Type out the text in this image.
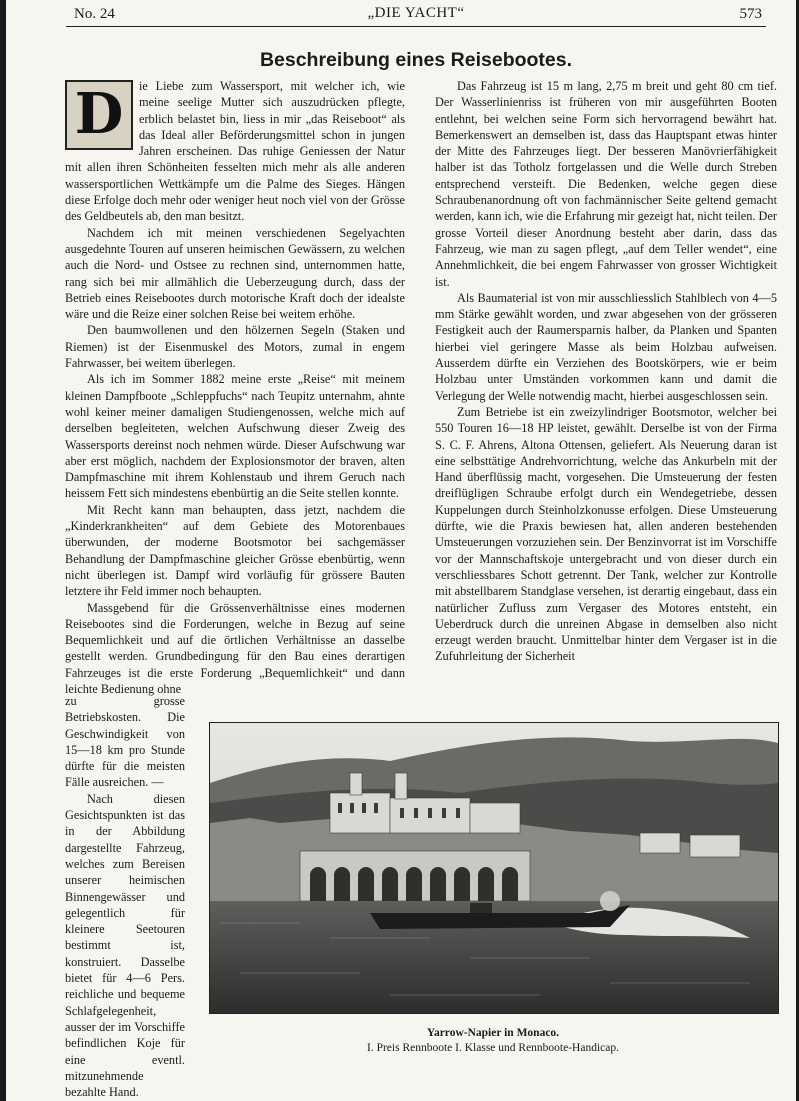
No. 24	„DIE YACHT“	573
Beschreibung eines Reisebootes.

D	ie Liebe zum Wassersport, mit welcher ich, wie meine seelige Mutter sich auszudrücken pflegte, erblich belastet bin, liess in mir „das Reiseboot“ als das Ideal aller Beförderungsmittel schon in jungen Jahren erscheinen. Das ruhige Geniessen der Natur mit allen ihren Schönheiten fesselten mich mehr als alle anderen wassersportlichen Wettkämpfe um die Palme des Sieges. Hängen diese Erfolge doch mehr oder weniger heut noch viel von der Grösse des Geldbeutels ab, den man besitzt.

Nachdem ich mit meinen verschiedenen Segelyachten ausgedehnte Touren auf unseren heimischen Gewässern, zu welchen auch die Nord- und Ostsee zu rechnen sind, unternommen hatte, rang sich bei mir allmählich die Ueberzeugung durch, dass der Betrieb eines Reisebootes durch motorische Kraft doch der idealste wäre und die Reize einer solchen Reise bei weitem erhöhe.

Den baumwollenen und den hölzernen Segeln (Staken und Riemen) ist der Eisenmuskel des Motors, zumal in engem Fahrwasser, bei weitem überlegen.

Als ich im Sommer 1882 meine erste „Reise“ mit meinem kleinen Dampfboote „Schleppfuchs“ nach Teupitz unternahm, ahnte wohl keiner meiner damaligen Studiengenossen, welche mich auf derselben begleiteten, welchen Aufschwung dieser Zweig des Wassersports dereinst noch nehmen würde. Dieser Aufschwung war aber erst möglich, nachdem der Explosionsmotor der braven, alten Dampfmaschine mit ihrem Kohlenstaub und ihrem Geruch nach heissem Fett sich mindestens ebenbürtig an die Seite stellen konnte.

Mit Recht kann man behaupten, dass jetzt, nachdem die „Kinderkrankheiten“ auf dem Gebiete des Motorenbaues überwunden, der moderne Bootsmotor bei sachgemässer Behandlung der Dampfmaschine gleicher Grösse ebenbürtig, wenn nicht überlegen ist. Dampf wird vorläufig für grössere Bauten letztere ihr Feld immer noch behaupten.

Massgebend für die Grössenverhältnisse eines modernen Reisebootes sind die Forderungen, welche in Bezug auf seine Bequemlichkeit und auf die örtlichen Verhältnisse an dasselbe gestellt werden. Grundbedingung für den Bau eines derartigen Fahrzeuges ist die erste Forderung „Bequemlichkeit“ und dann leichte Bedienung ohne

zu grosse Betriebskosten. Die Geschwindigkeit von 15—18 km pro Stunde dürfte für die meisten Fälle ausreichen. —

Nach diesen Gesichtspunkten ist das in der Abbildung dargestellte Fahrzeug, welches zum Bereisen unserer heimischen Binnengewässer und gelegentlich für kleinere Seetouren bestimmt ist, konstruiert. Dasselbe bietet für 4—6 Pers. reichliche und bequeme Schlafgelegenheit, ausser der im Vorschiffe befindlichen Koje für eine eventl. mitzunehmende bezahlte Hand.

Das Fahrzeug ist 15 m lang, 2,75 m breit und geht 80 cm tief. Der Wasserlinienriss ist früheren von mir ausgeführten Booten entlehnt, bei welchen seine Form sich hervorragend bewährt hat. Bemerkenswert an demselben ist, dass das Hauptspant etwas hinter der Mitte des Fahrzeuges liegt. Der besseren Manövrierfähigkeit halber ist das Totholz fortgelassen und die Welle durch Streben entsprechend versteift. Die Bedenken, welche gegen diese Schraubenanordnung oft von fachmännischer Seite geltend gemacht werden, kann ich, wie die Erfahrung mir gezeigt hat, nicht teilen. Der grosse Vorteil dieser Anordnung besteht aber darin, dass das Fahrzeug, wie man zu sagen pflegt, „auf dem Teller wendet“, eine Annehmlichkeit, die bei engem Fahrwasser von grosser Wichtigkeit ist.

Als Baumaterial ist von mir ausschliesslich Stahlblech von 4—5 mm Stärke gewählt worden, und zwar abgesehen von der grösseren Festigkeit auch der Raumersparnis halber, da Planken und Spanten hierbei viel geringere Masse als beim Holzbau aufweisen. Ausserdem dürfte ein Verziehen des Bootskörpers, wie er beim Holzbau unter Umständen vorkommen kann und damit die Verlegung der Welle notwendig macht, hierbei ausgeschlossen sein.

Zum Betriebe ist ein zweizylindriger Bootsmotor, welcher bei 550 Touren 16—18 HP leistet, gewählt. Derselbe ist von der Firma S. C. F. Ahrens, Altona Ottensen, geliefert. Als Neuerung daran ist eine selbsttätige Andrehvorrichtung, welche das Ankurbeln mit der Hand überflüssig macht, vorgesehen. Die Umsteuerung der festen dreiflügligen Schraube erfolgt durch ein Wendegetriebe, dessen Kuppelungen durch Steinholzkonusse erfolgen. Diese Umsteuerung dürfte, wie die Praxis bewiesen hat, allen anderen bestehenden Umsteuerungen vorzuziehen sein. Der Benzinvorrat ist im Vorschiffe vor der Mannschaftskoje untergebracht und von dieser durch ein verschliessbares Schott getrennt. Der Tank, welcher zur Kontrolle mit abstellbarem Standglase versehen, ist derartig eingebaut, dass ein natürlicher Zufluss zum Vergaser des Motores entsteht, ein Ueberdruck durch die unreinen Abgase in demselben also nicht erzeugt werden braucht. Unmittelbar hinter dem Vergaser ist in die Zufuhrleitung der Sicherheit

Yarrow-Napier in Monaco.
I. Preis Rennboote I. Klasse und Rennboote-Handicap.
